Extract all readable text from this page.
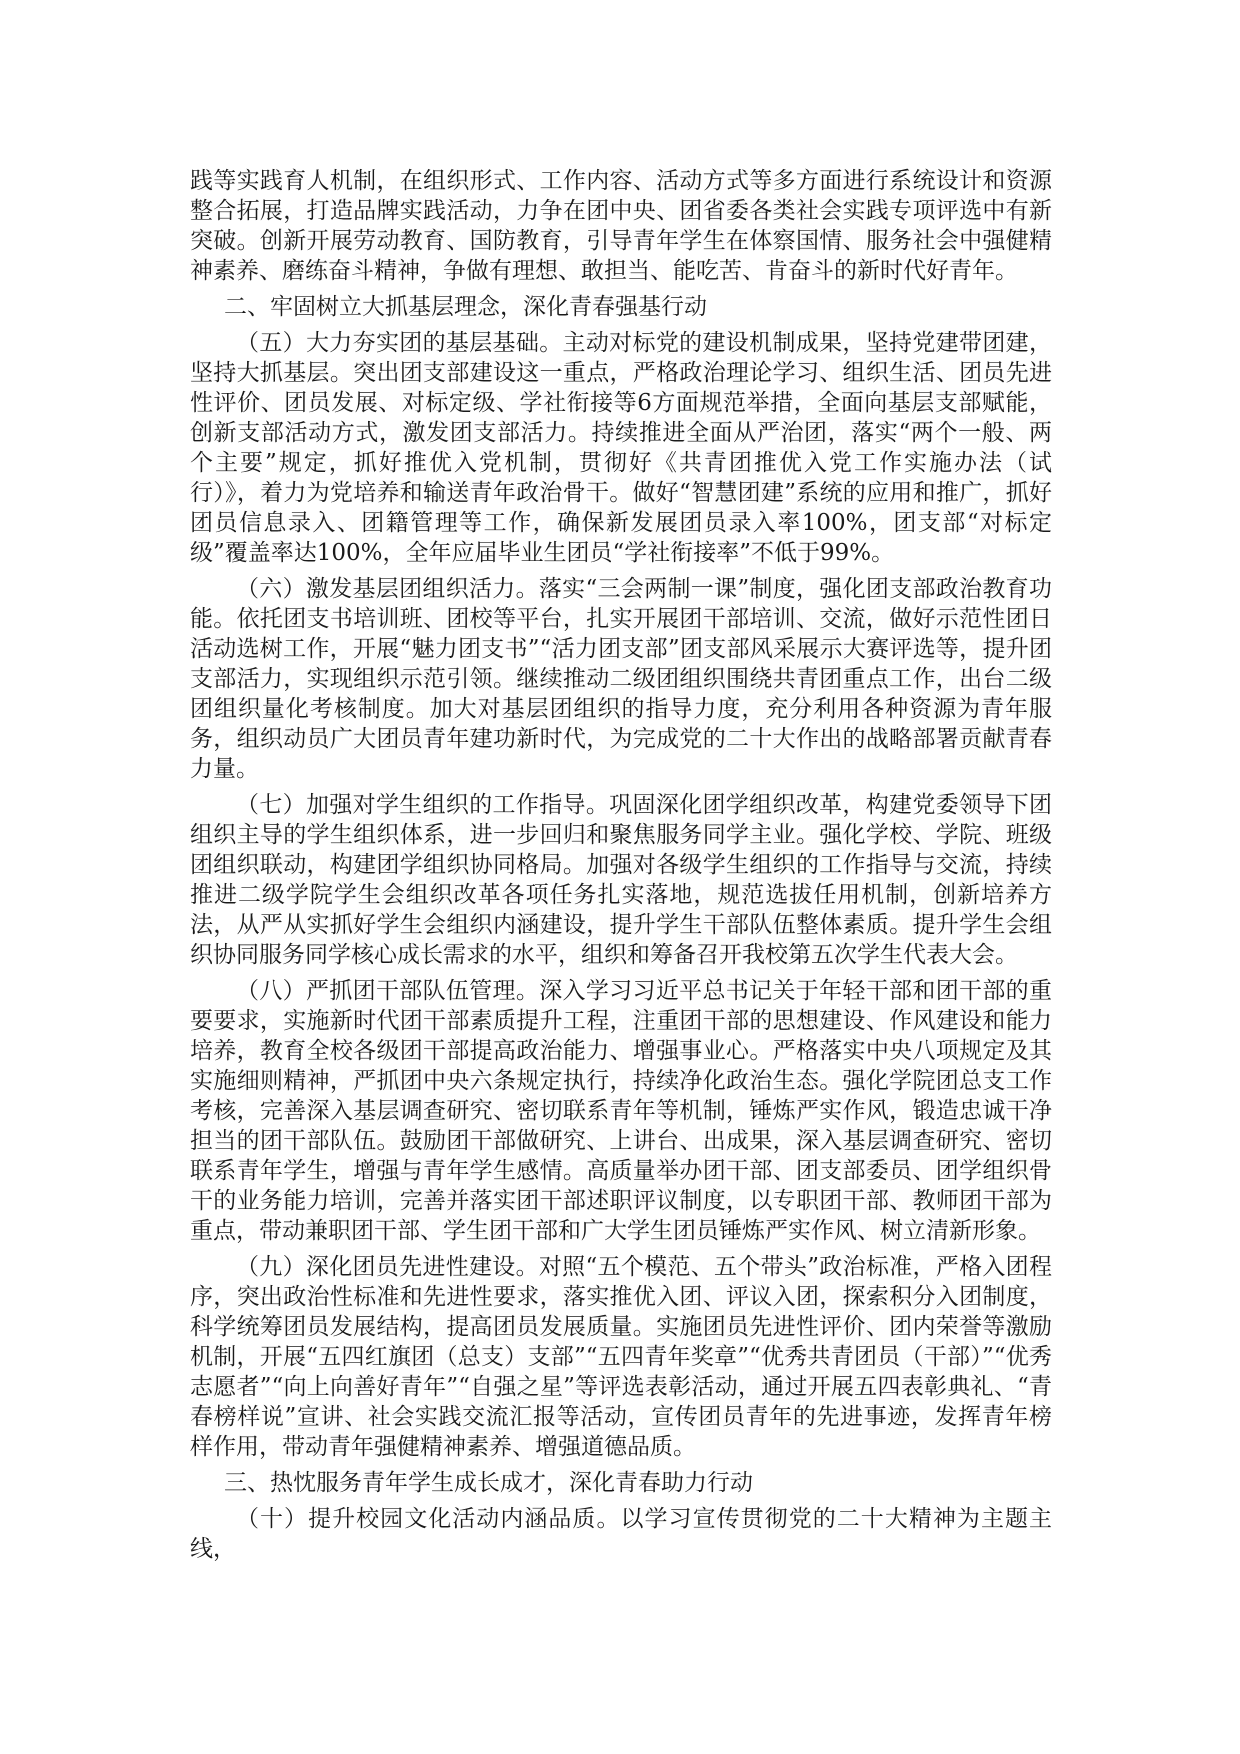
践等实践育人机制，在组织形式、工作内容、活动方式等多方面进行系统设计和资源整合拓展，打造品牌实践活动，力争在团中央、团省委各类社会实践专项评选中有新突破。创新开展劳动教育、国防教育，引导青年学生在体察国情、服务社会中强健精神素养、磨练奋斗精神，争做有理想、敢担当、能吃苦、肯奋斗的新时代好青年。

二、牢固树立大抓基层理念，深化青春强基行动

（五）大力夯实团的基层基础。主动对标党的建设机制成果，坚持党建带团建，坚持大抓基层。突出团支部建设这一重点，严格政治理论学习、组织生活、团员先进性评价、团员发展、对标定级、学社衔接等6方面规范举措，全面向基层支部赋能，创新支部活动方式，激发团支部活力。持续推进全面从严治团，落实“两个一般、两个主要”规定，抓好推优入党机制，贯彻好《共青团推优入党工作实施办法（试行）》，着力为党培养和输送青年政治骨干。做好“智慧团建”系统的应用和推广，抓好团员信息录入、团籍管理等工作，确保新发展团员录入率100%，团支部“对标定级”覆盖率达100%，全年应届毕业生团员“学社衔接率”不低于99%。

（六）激发基层团组织活力。落实“三会两制一课”制度，强化团支部政治教育功能。依托团支书培训班、团校等平台，扎实开展团干部培训、交流，做好示范性团日活动选树工作，开展“魅力团支书”“活力团支部”团支部风采展示大赛评选等，提升团支部活力，实现组织示范引领。继续推动二级团组织围绕共青团重点工作，出台二级团组织量化考核制度。加大对基层团组织的指导力度，充分利用各种资源为青年服务，组织动员广大团员青年建功新时代，为完成党的二十大作出的战略部署贡献青春力量。

（七）加强对学生组织的工作指导。巩固深化团学组织改革，构建党委领导下团组织主导的学生组织体系，进一步回归和聚焦服务同学主业。强化学校、学院、班级团组织联动，构建团学组织协同格局。加强对各级学生组织的工作指导与交流，持续推进二级学院学生会组织改革各项任务扎实落地，规范选拔任用机制，创新培养方法，从严从实抓好学生会组织内涵建设，提升学生干部队伍整体素质。提升学生会组织协同服务同学核心成长需求的水平，组织和筹备召开我校第五次学生代表大会。

（八）严抓团干部队伍管理。深入学习习近平总书记关于年轻干部和团干部的重要要求，实施新时代团干部素质提升工程，注重团干部的思想建设、作风建设和能力培养，教育全校各级团干部提高政治能力、增强事业心。严格落实中央八项规定及其实施细则精神，严抓团中央六条规定执行，持续净化政治生态。强化学院团总支工作考核，完善深入基层调查研究、密切联系青年等机制，锤炼严实作风，锻造忠诚干净担当的团干部队伍。鼓励团干部做研究、上讲台、出成果，深入基层调查研究、密切联系青年学生，增强与青年学生感情。高质量举办团干部、团支部委员、团学组织骨干的业务能力培训，完善并落实团干部述职评议制度，以专职团干部、教师团干部为重点，带动兼职团干部、学生团干部和广大学生团员锤炼严实作风、树立清新形象。

（九）深化团员先进性建设。对照“五个模范、五个带头”政治标准，严格入团程序，突出政治性标准和先进性要求，落实推优入团、评议入团，探索积分入团制度，科学统筹团员发展结构，提高团员发展质量。实施团员先进性评价、团内荣誉等激励机制，开展“五四红旗团（总支）支部”“五四青年奖章”“优秀共青团员（干部）”“优秀志愿者”“向上向善好青年”“自强之星”等评选表彰活动，通过开展五四表彰典礼、“青春榜样说”宣讲、社会实践交流汇报等活动，宣传团员青年的先进事迹，发挥青年榜样作用，带动青年强健精神素养、增强道德品质。

三、热忱服务青年学生成长成才，深化青春助力行动

（十）提升校园文化活动内涵品质。以学习宣传贯彻党的二十大精神为主题主线，
